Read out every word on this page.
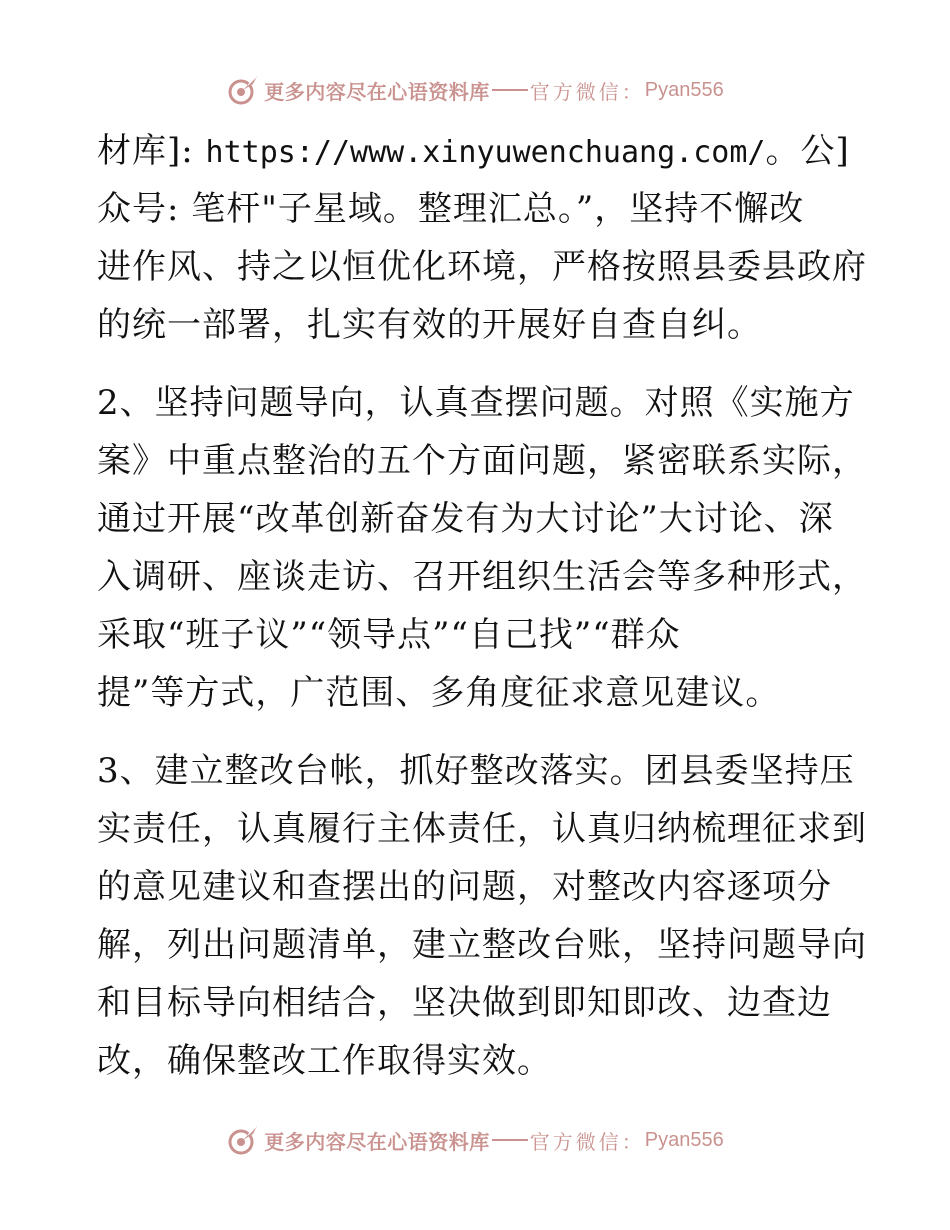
更多内容尽在心语资料库 官方微信： Pyan556
材库]: https://www.xinyuwenchuang.com/。公]
众号: 笔杆"子星域。整理汇总。”，坚持不懈改
进作风、持之以恒优化环境，严格按照县委县政府
的统一部署，扎实有效的开展好自查自纠。
2、坚持问题导向，认真查摆问题。对照《实施方
案》中重点整治的五个方面问题，紧密联系实际，
通过开展“改革创新奋发有为大讨论”大讨论、深
入调研、座谈走访、召开组织生活会等多种形式，
采取“班子议”“领导点”“自己找”“群众
提”等方式，广范围、多角度征求意见建议。
3、建立整改台帐，抓好整改落实。团县委坚持压
实责任，认真履行主体责任，认真归纳梳理征求到
的意见建议和查摆出的问题，对整改内容逐项分
解，列出问题清单，建立整改台账，坚持问题导向
和目标导向相结合，坚决做到即知即改、边查边
改，确保整改工作取得实效。
更多内容尽在心语资料库 官方微信： Pyan556
